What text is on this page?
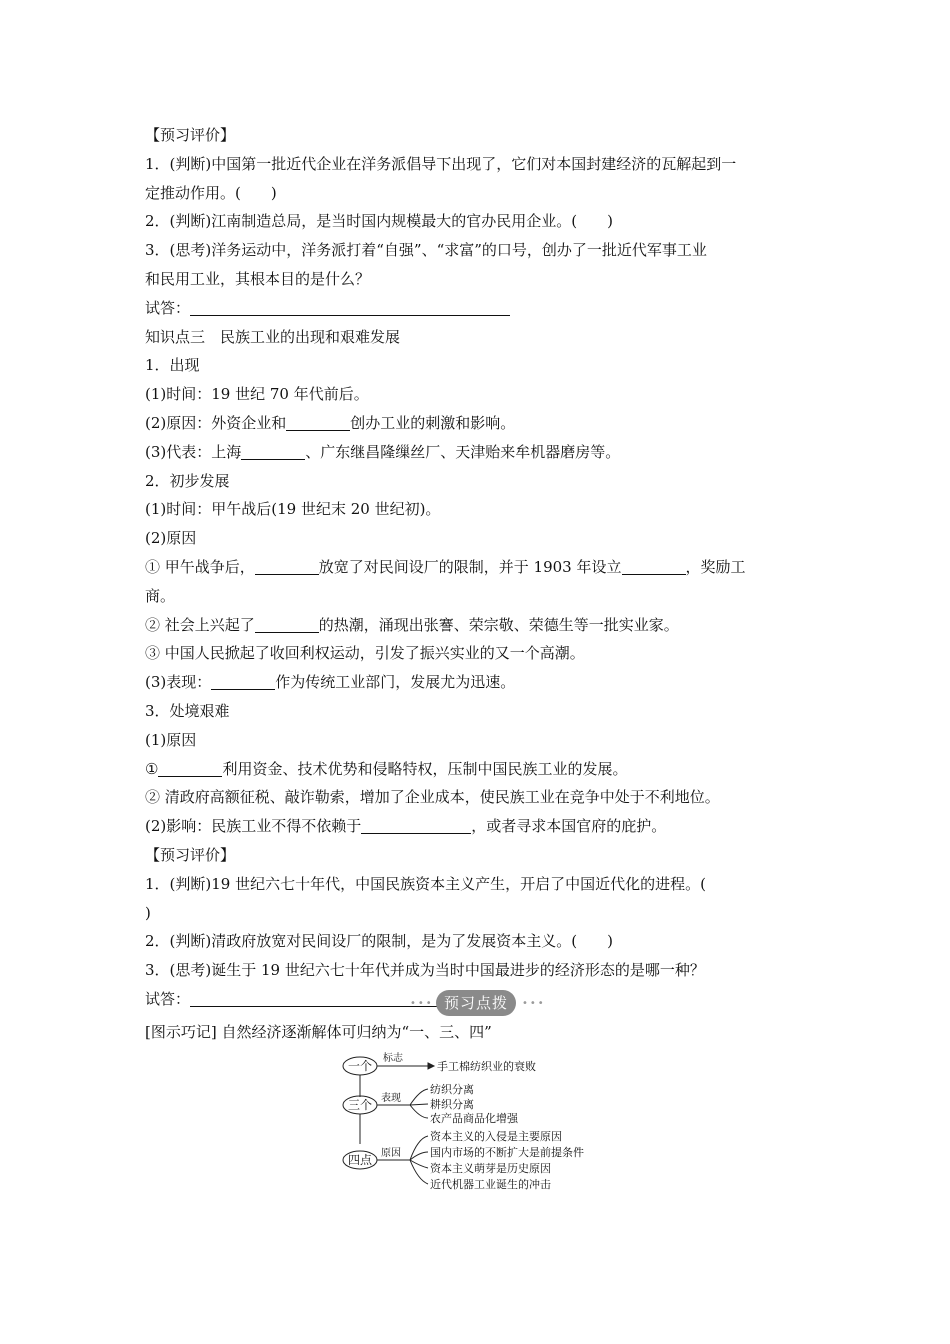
【预习评价】
1．(判断)中国第一批近代企业在洋务派倡导下出现了，它们对本国封建经济的瓦解起到一
定推动作用。(　　)
2．(判断)江南制造总局，是当时国内规模最大的官办民用企业。(　　)
3．(思考)洋务运动中，洋务派打着“自强”、“求富”的口号，创办了一批近代军事工业
和民用工业，其根本目的是什么？
试答：
知识点三　民族工业的出现和艰难发展
1．出现
(1)时间：19 世纪 70 年代前后。
(2)原因：外资企业和	创办工业的刺激和影响。
(3)代表：上海	、广东继昌隆缫丝厂、天津贻来牟机器磨房等。
2．初步发展
(1)时间：甲午战后(19 世纪末 20 世纪初)。
(2)原因
① 甲午战争后，	放宽了对民间设厂的限制，并于 1903 年设立	，奖励工
商。
② 社会上兴起了	的热潮，涌现出张謇、荣宗敬、荣德生等一批实业家。
③ 中国人民掀起了收回利权运动，引发了振兴实业的又一个高潮。
(3)表现：	作为传统工业部门，发展尤为迅速。
3．处境艰难
(1)原因
①	利用资金、技术优势和侵略特权，压制中国民族工业的发展。
② 清政府高额征税、敲诈勒索，增加了企业成本，使民族工业在竞争中处于不利地位。
(2)影响：民族工业不得不依赖于	，或者寻求本国官府的庇护。
【预习评价】
1．(判断)19 世纪六七十年代，中国民族资本主义产生，开启了中国近代化的进程。(
)
2．(判断)清政府放宽对民间设厂的限制，是为了发展资本主义。(　　)
3．(思考)诞生于 19 世纪六七十年代并成为当时中国最进步的经济形态的是哪一种？
试答：	••• 预习点拨	•••
[图示巧记] 自然经济逐渐解体可归纳为“一、三、四”
一个
三个
四点
标志
表现
原因
手工棉纺织业的衰败
纺织分离
耕织分离
农产品商品化增强
资本主义的入侵是主要原因
国内市场的不断扩大是前提条件
资本主义萌芽是历史原因
近代机器工业诞生的冲击
